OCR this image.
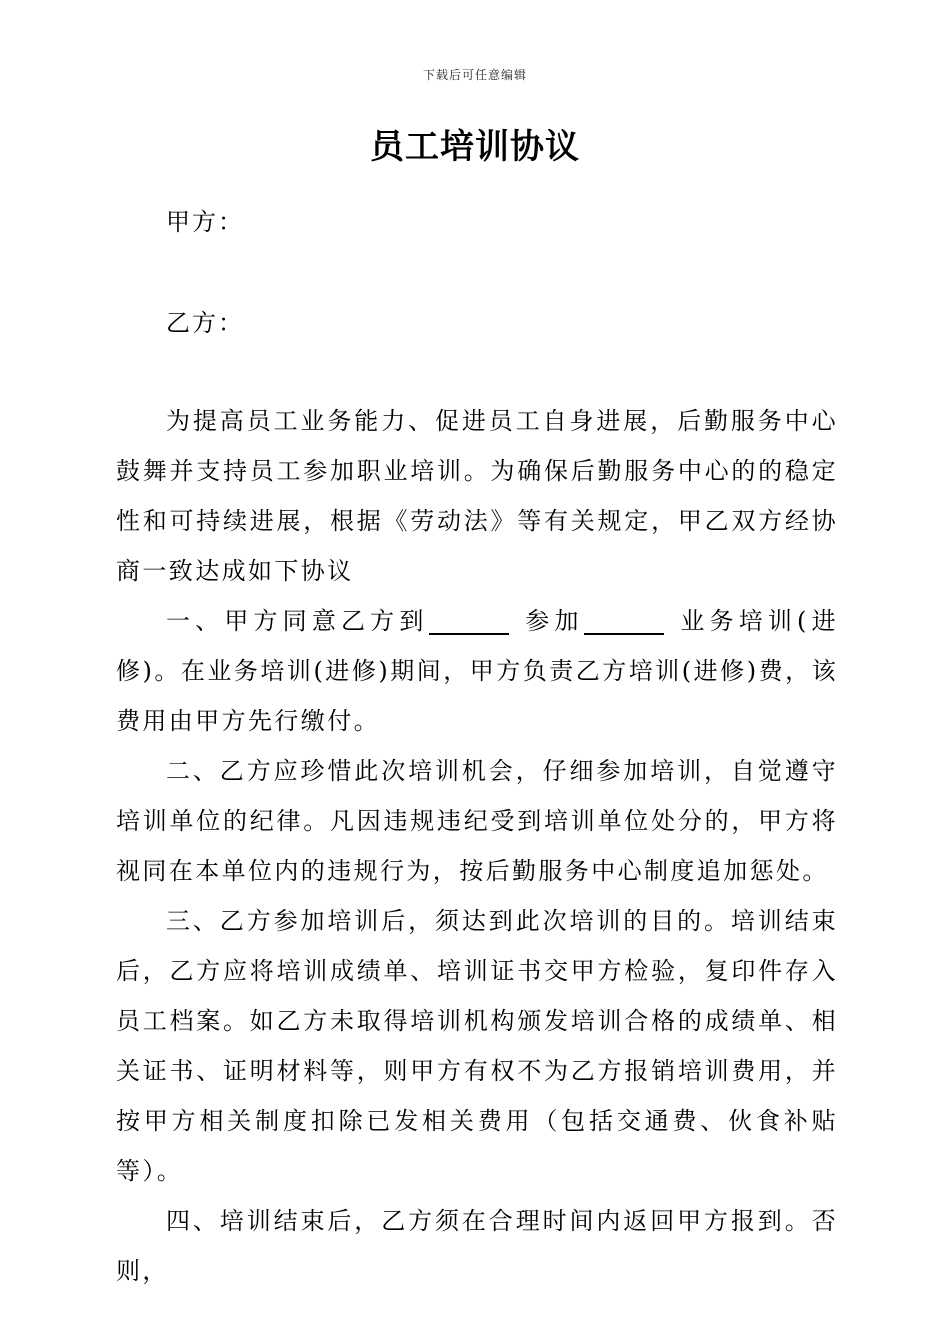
下载后可任意编辑
员工培训协议
甲方：
乙方：

为提高员工业务能力、促进员工自身进展，后勤服务中心鼓舞并支持员工参加职业培训。为确保后勤服务中心的的稳定性和可持续进展，根据《劳动法》等有关规定，甲乙双方经协商一致达成如下协议

一、甲方同意乙方到	参加	业务培训(进修)。在业务培训(进修)期间，甲方负责乙方培训(进修)费，该费用由甲方先行缴付。

二、乙方应珍惜此次培训机会，仔细参加培训，自觉遵守培训单位的纪律。凡因违规违纪受到培训单位处分的，甲方将视同在本单位内的违规行为，按后勤服务中心制度追加惩处。

三、乙方参加培训后，须达到此次培训的目的。培训结束后，乙方应将培训成绩单、培训证书交甲方检验，复印件存入员工档案。如乙方未取得培训机构颁发培训合格的成绩单、相关证书、证明材料等，则甲方有权不为乙方报销培训费用，并按甲方相关制度扣除已发相关费用（包括交通费、伙食补贴等）。

四、培训结束后，乙方须在合理时间内返回甲方报到。否则，
